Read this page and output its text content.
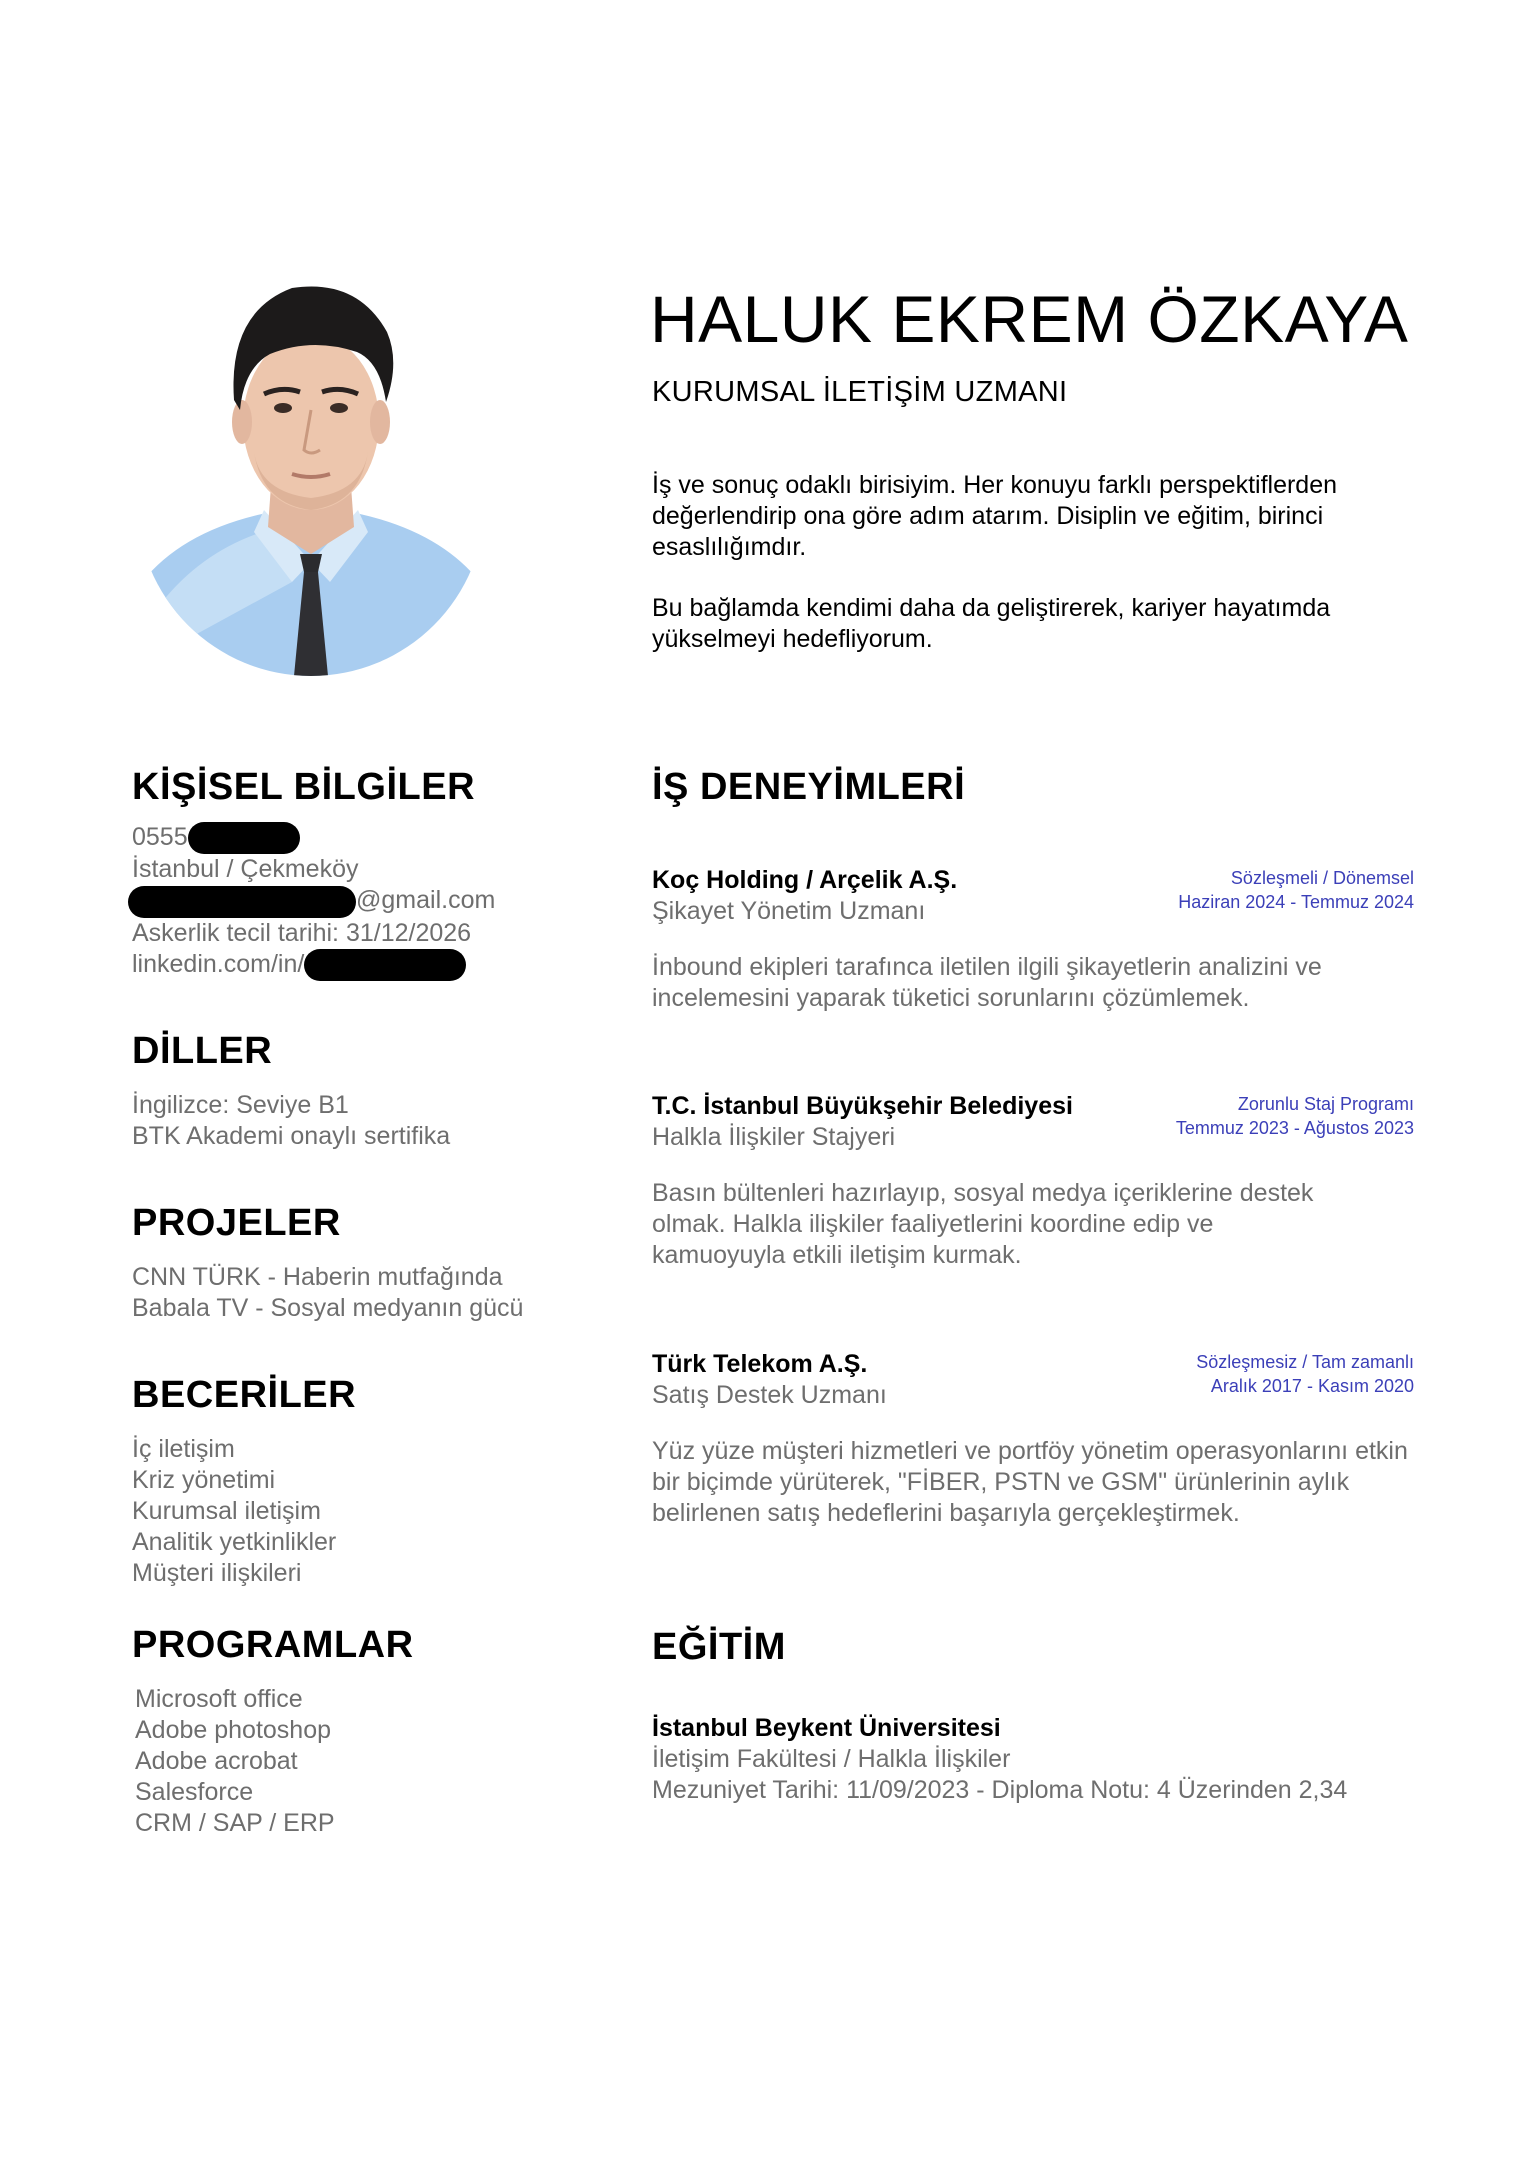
HALUK EKREM ÖZKAYA
KURUMSAL İLETİŞİM UZMANI

İş ve sonuç odaklı birisiyim. Her konuyu farklı perspektiflerden değerlendirip ona göre adım atarım. Disiplin ve eğitim, birinci esaslılığımdır.

Bu bağlamda kendimi daha da geliştirerek, kariyer hayatımda yükselmeyi hedefliyorum.

KİŞİSEL BİLGİLER
0555
İstanbul / Çekmeköy
@gmail.com
Askerlik tecil tarihi: 31/12/2026
linkedin.com/in/
DİLLER
İngilizce: Seviye B1
BTK Akademi onaylı sertifika
PROJELER
CNN TÜRK - Haberin mutfağında
Babala TV - Sosyal medyanın gücü
BECERİLER
İç iletişim
Kriz yönetimi
Kurumsal iletişim
Analitik yetkinlikler
Müşteri ilişkileri
PROGRAMLAR
Microsoft office
Adobe photoshop
Adobe acrobat
Salesforce
CRM / SAP / ERP
İŞ DENEYİMLERİ
Koç Holding / Arçelik A.Ş.
Şikayet Yönetim Uzmanı
Sözleşmeli / Dönemsel
Haziran 2024 - Temmuz 2024
İnbound ekipleri tarafınca iletilen ilgili şikayetlerin analizini ve incelemesini yaparak tüketici sorunlarını çözümlemek.
T.C. İstanbul Büyükşehir Belediyesi
Halkla İlişkiler Stajyeri
Zorunlu Staj Programı
Temmuz 2023 - Ağustos 2023
Basın bültenleri hazırlayıp, sosyal medya içeriklerine destek olmak. Halkla ilişkiler faaliyetlerini koordine edip ve kamuoyuyla etkili iletişim kurmak.
Türk Telekom A.Ş.
Satış Destek Uzmanı
Sözleşmesiz / Tam zamanlı
Aralık 2017 - Kasım 2020
Yüz yüze müşteri hizmetleri ve portföy yönetim operasyonlarını etkin bir biçimde yürüterek, "FİBER, PSTN ve GSM" ürünlerinin aylık belirlenen satış hedeflerini başarıyla gerçekleştirmek.
EĞİTİM
İstanbul Beykent Üniversitesi
İletişim Fakültesi / Halkla İlişkiler
Mezuniyet Tarihi: 11/09/2023 - Diploma Notu: 4 Üzerinden 2,34
